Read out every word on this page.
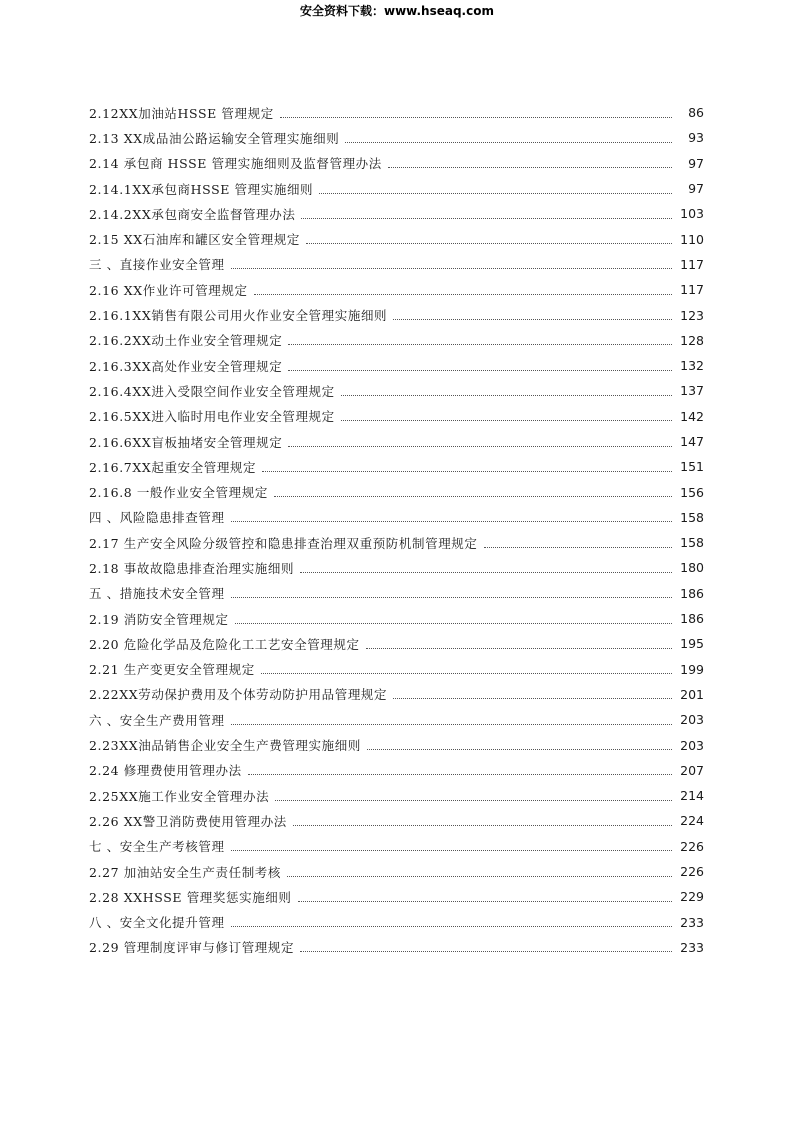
安全资料下载：www.hseaq.com
2.12XX加油站HSSE 管理规定	86
2.13 XX成品油公路运输安全管理实施细则	93
2.14 承包商 HSSE 管理实施细则及监督管理办法	97
2.14.1XX承包商HSSE 管理实施细则	97
2.14.2XX承包商安全监督管理办法	103
2.15 XX石油库和罐区安全管理规定	110
三 、直接作业安全管理	117
2.16 XX作业许可管理规定	117
2.16.1XX销售有限公司用火作业安全管理实施细则	123
2.16.2XX动土作业安全管理规定	128
2.16.3XX高处作业安全管理规定	132
2.16.4XX进入受限空间作业安全管理规定	137
2.16.5XX进入临时用电作业安全管理规定	142
2.16.6XX盲板抽堵安全管理规定	147
2.16.7XX起重安全管理规定	151
2.16.8 一般作业安全管理规定	156
四 、风险隐患排查管理	158
2.17 生产安全风险分级管控和隐患排查治理双重预防机制管理规定	158
2.18 事故故隐患排查治理实施细则	180
五 、措施技术安全管理	186
2.19 消防安全管理规定	186
2.20 危险化学品及危险化工工艺安全管理规定	195
2.21 生产变更安全管理规定	199
2.22XX劳动保护费用及个体劳动防护用品管理规定	201
六 、安全生产费用管理	203
2.23XX油品销售企业安全生产费管理实施细则	203
2.24 修理费使用管理办法	207
2.25XX施工作业安全管理办法	214
2.26 XX警卫消防费使用管理办法	224
七 、安全生产考核管理	226
2.27 加油站安全生产责任制考核	226
2.28 XXHSSE 管理奖惩实施细则	229
八 、安全文化提升管理	233
2.29 管理制度评审与修订管理规定	233
